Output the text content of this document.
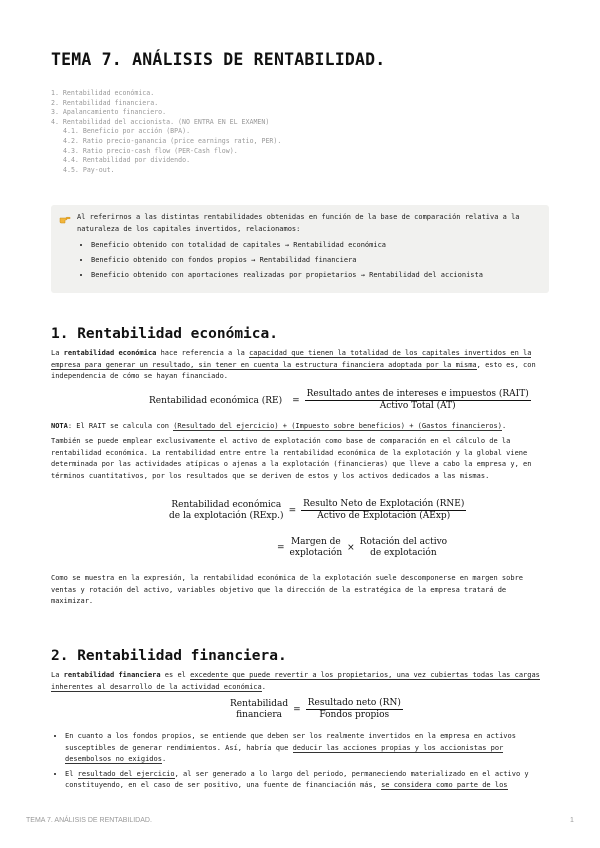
TEMA 7. ANÁLISIS DE RENTABILIDAD.
1. Rentabilidad económica.
2. Rentabilidad financiera.
3. Apalancamiento financiero.
4. Rentabilidad del accionista. (NO ENTRA EN EL EXAMEN)
4.1. Beneficio por acción (BPA).
4.2. Ratio precio-ganancia (price earnings ratio, PER).
4.3. Ratio precio-cash flow (PER-Cash flow).
4.4. Rentabilidad por dividendo.
4.5. Pay-out.
Al referirnos a las distintas rentabilidades obtenidas en función de la base de comparación relativa a la naturaleza de los capitales invertidos, relacionamos:
• Beneficio obtenido con totalidad de capitales → Rentabilidad económica
• Beneficio obtenido con fondos propios → Rentabilidad financiera
• Beneficio obtenido con aportaciones realizadas por propietarios → Rentabilidad del accionista
1. Rentabilidad económica.
La rentabilidad económica hace referencia a la capacidad que tienen la totalidad de los capitales invertidos en la empresa para generar un resultado, sin tener en cuenta la estructura financiera adoptada por la misma, esto es, con independencia de cómo se hayan financiado.
Rentabilidad económica $(RE) = \frac{\text{Resultado antes de intereses e impuestos (RAIT)}}{\text{Activo Total (AT)}}$
NOTA: El RAIT se calcula con (Resultado del ejercicio) + (Impuesto sobre beneficios) + (Gastos financieros).
También se puede emplear exclusivamente el activo de explotación como base de comparación en el cálculo de la rentabilidad económica. La rentabilidad entre entre la rentabilidad económica de la explotación y la global viene determinada por las actividades atípicas o ajenas a la explotación (financieras) que lleve a cabo la empresa y, en términos cuantitativos, por los resultados que se deriven de estos y los activos dedicados a las mismas.
Rentabilidad económica
de la explotación (RExp.) = $\frac{\text{Resulto Neto de Explotación (RNE)}}{\text{Activo de Explotación (AExp)}}$
=
Margen de
explotación ×
Rotación del activo
de explotación
Como se muestra en la expresión, la rentabilidad económica de la explotación suele descomponerse en margen sobre ventas y rotación del activo, variables objetivo que la dirección de la estratégica de la empresa tratará de maximizar.
2. Rentabilidad financiera.
La rentabilidad financiera es el excedente que puede revertir a los propietarios, una vez cubiertas todas las cargas inherentes al desarrollo de la actividad económica.
Rentabilidad
financiera	= $\frac{\text{Resultado neto (RN)}}{\text{Fondos propios}}$
• En cuanto a los fondos propios, se entiende que deben ser los realmente invertidos en la empresa en activos susceptibles de generar rendimientos. Así, habría que deducir las acciones propias y los accionistas por desembolsos no exigidos.
• El resultado del ejercicio, al ser generado a lo largo del periodo, permaneciendo materializado en el activo y constituyendo, en el caso de ser positivo, una fuente de financiación más, se considera como parte de los
TEMA 7. ANÁLISIS DE RENTABILIDAD.	1
